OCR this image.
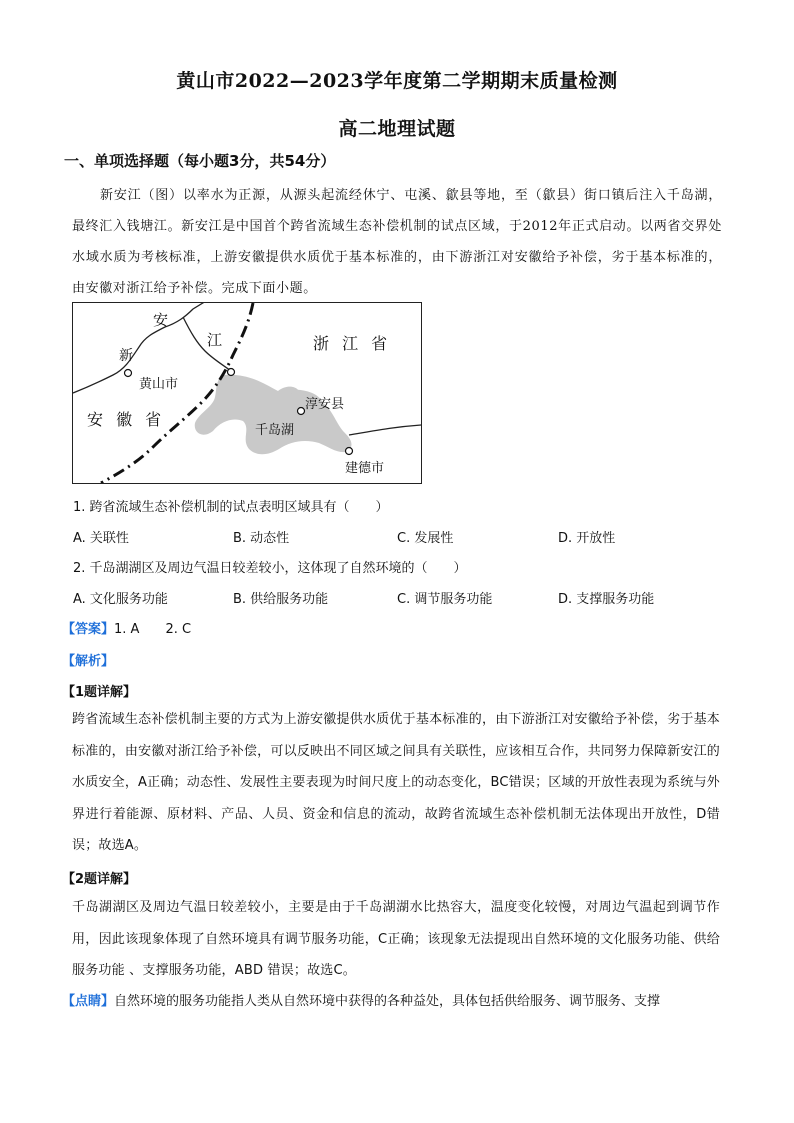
黄山市2022—2023学年度第二学期期末质量检测
高二地理试题
一、单项选择题（每小题3分，共54分）
新安江（图）以率水为正源，从源头起流经休宁、屯溪、歙县等地，至（歙县）街口镇后注入千岛湖，最终汇入钱塘江。新安江是中国首个跨省流域生态补偿机制的试点区域，于2012年正式启动。以两省交界处水域水质为考核标准，上游安徽提供水质优于基本标准的，由下游浙江对安徽给予补偿，劣于基本标准的，由安徽对浙江给予补偿。完成下面小题。
安
江
新
黄山市
安 徽 省
浙 江 省
淳安县
千岛湖
建德市
1. 跨省流域生态补偿机制的试点表明区域具有（　　）
A. 关联性	B. 动态性	C. 发展性	D. 开放性
2. 千岛湖湖区及周边气温日较差较小，这体现了自然环境的（　　）
A. 文化服务功能	B. 供给服务功能	C. 调节服务功能	D. 支撑服务功能
【答案】1. A　　2. C
【解析】
【1题详解】
跨省流域生态补偿机制主要的方式为上游安徽提供水质优于基本标准的，由下游浙江对安徽给予补偿，劣于基本标准的，由安徽对浙江给予补偿，可以反映出不同区域之间具有关联性，应该相互合作，共同努力保障新安江的水质安全，A正确；动态性、发展性主要表现为时间尺度上的动态变化，BC错误；区域的开放性表现为系统与外界进行着能源、原材料、产品、人员、资金和信息的流动，故跨省流域生态补偿机制无法体现出开放性，D错误；故选A。
【2题详解】
千岛湖湖区及周边气温日较差较小，主要是由于千岛湖湖水比热容大，温度变化较慢，对周边气温起到调节作用，因此该现象体现了自然环境具有调节服务功能，C正确；该现象无法提现出自然环境的文化服务功能、供给服务功能 、支撑服务功能，ABD 错误；故选C。
【点睛】自然环境的服务功能指人类从自然环境中获得的各种益处，具体包括供给服务、调节服务、支撑
